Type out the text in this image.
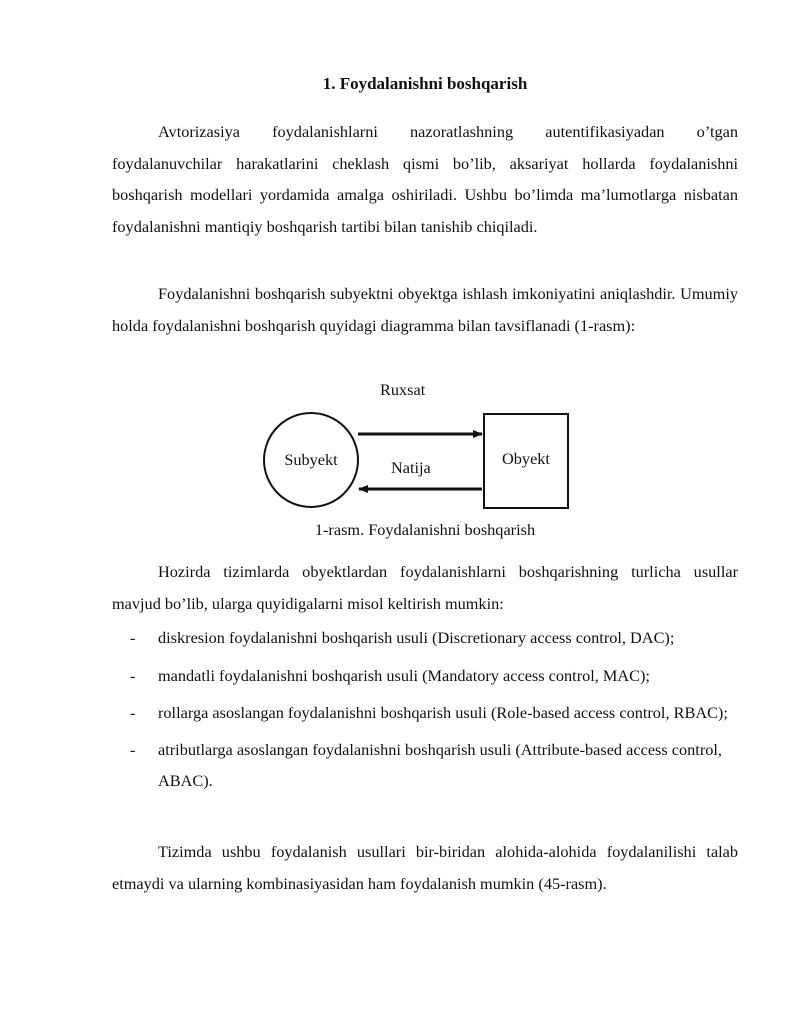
1. Foydalanishni boshqarish

Avtorizasiya foydalanishlarni nazoratlashning autentifikasiyadan o’tgan foydalanuvchilar harakatlarini cheklash qismi bo’lib, aksariyat hollarda foydalanishni boshqarish modellari yordamida amalga oshiriladi. Ushbu bo’limda ma’lumotlarga nisbatan foydalanishni mantiqiy boshqarish tartibi bilan tanishib chiqiladi.

Foydalanishni boshqarish subyektni obyektga ishlash imkoniyatini aniqlashdir. Umumiy holda foydalanishni boshqarish quyidagi diagramma bilan tavsiflanadi (1-rasm):

Ruxsat
Subyekt	Obyekt
Natija
1-rasm. Foydalanishni boshqarish

Hozirda tizimlarda obyektlardan foydalanishlarni boshqarishning turlicha usullar mavjud bo’lib, ularga quyidigalarni misol keltirish mumkin:

- diskresion foydalanishni boshqarish usuli (Discretionary access control, DAC);
- mandatli foydalanishni boshqarish usuli (Mandatory access control, MAC);
- rollarga asoslangan foydalanishni boshqarish usuli (Role-based access control, RBAC);
- atributlarga asoslangan foydalanishni boshqarish usuli (Attribute-based access control, ABAC).

Tizimda ushbu foydalanish usullari bir-biridan alohida-alohida foydalanilishi talab etmaydi va ularning kombinasiyasidan ham foydalanish mumkin (45-rasm).
